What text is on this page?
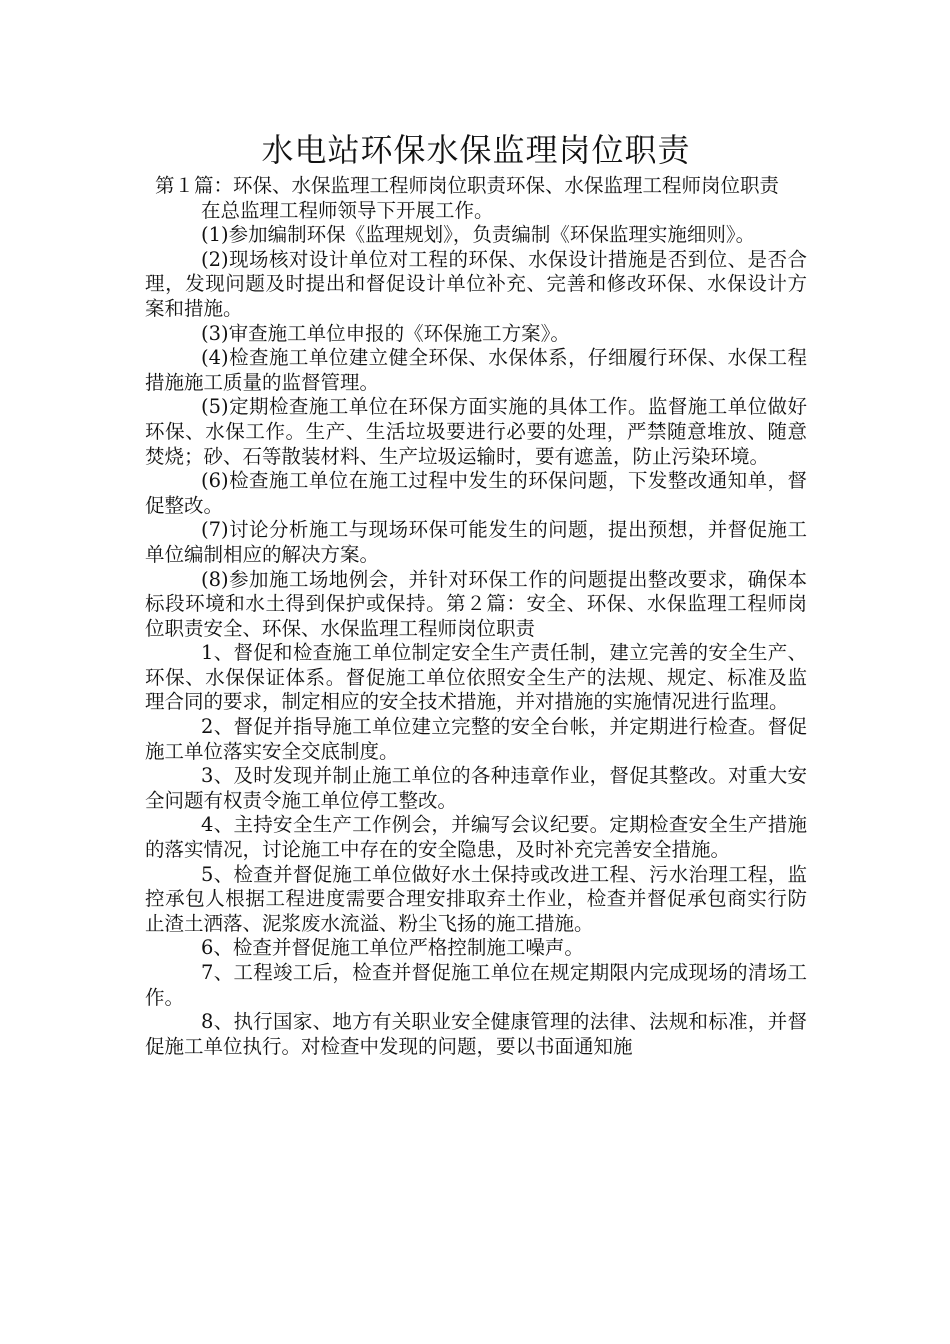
水电站环保水保监理岗位职责

第１篇：环保、水保监理工程师岗位职责环保、水保监理工程师岗位职责

在总监理工程师领导下开展工作。

(1)参加编制环保《监理规划》，负责编制《环保监理实施细则》。

(2)现场核对设计单位对工程的环保、水保设计措施是否到位、是否合理，发现问题及时提出和督促设计单位补充、完善和修改环保、水保设计方案和措施。

(3)审查施工单位申报的《环保施工方案》。

(4)检查施工单位建立健全环保、水保体系，仔细履行环保、水保工程措施施工质量的监督管理。

(5)定期检查施工单位在环保方面实施的具体工作。监督施工单位做好环保、水保工作。生产、生活垃圾要进行必要的处理，严禁随意堆放、随意焚烧；砂、石等散装材料、生产垃圾运输时，要有遮盖，防止污染环境。

(6)检查施工单位在施工过程中发生的环保问题，下发整改通知单，督促整改。

(7)讨论分析施工与现场环保可能发生的问题，提出预想，并督促施工单位编制相应的解决方案。

(8)参加施工场地例会，并针对环保工作的问题提出整改要求，确保本标段环境和水土得到保护或保持。第２篇：安全、环保、水保监理工程师岗位职责安全、环保、水保监理工程师岗位职责

1、督促和检查施工单位制定安全生产责任制，建立完善的安全生产、环保、水保保证体系。督促施工单位依照安全生产的法规、规定、标准及监理合同的要求，制定相应的安全技术措施，并对措施的实施情况进行监理。

2、督促并指导施工单位建立完整的安全台帐，并定期进行检查。督促施工单位落实安全交底制度。

3、及时发现并制止施工单位的各种违章作业，督促其整改。对重大安全问题有权责令施工单位停工整改。

4、主持安全生产工作例会，并编写会议纪要。定期检查安全生产措施的落实情况，讨论施工中存在的安全隐患，及时补充完善安全措施。

5、检查并督促施工单位做好水土保持或改进工程、污水治理工程，监控承包人根据工程进度需要合理安排取弃土作业，检查并督促承包商实行防止渣土洒落、泥浆废水流溢、粉尘飞扬的施工措施。

6、检查并督促施工单位严格控制施工噪声。

7、工程竣工后，检查并督促施工单位在规定期限内完成现场的清场工作。

8、执行国家、地方有关职业安全健康管理的法律、法规和标准，并督促施工单位执行。对检查中发现的问题，要以书面通知施
